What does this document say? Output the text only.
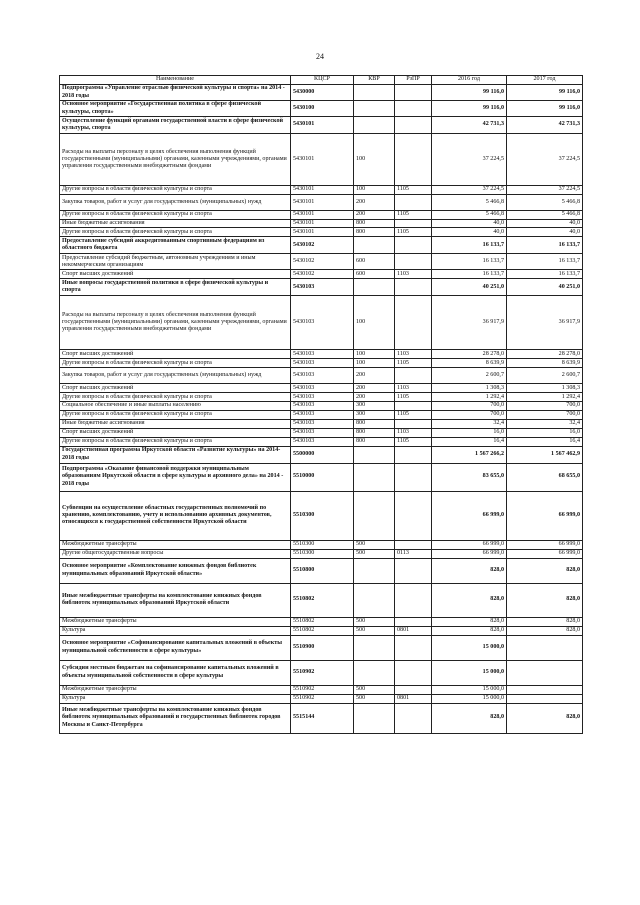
24
Наименование	КЦСР	КВР	РзПР	2016 год	2017 год
Подпрограмма «Управление отраслью физической культуры и спорта» на 2014 - 2018 годы	5430000			99 116,0	99 116,0
Основное мероприятие «Государственная политика в сфере физической культуры, спорта»	5430100			99 116,0	99 116,0
Осуществление функций органами государственной власти в сфере физической культуры, спорта	5430101			42 731,3	42 731,3
Расходы на выплаты персоналу в целях обеспечения выполнения функций государственными (муниципальными) органами, казенными учреждениями, органами управления государственными внебюджетными фондами	5430101	100		37 224,5	37 224,5
Другие вопросы в области физической культуры и спорта	5430101	100	1105	37 224,5	37 224,5
Закупка товаров, работ и услуг для государственных (муниципальных) нужд	5430101	200		5 466,8	5 466,8
Другие вопросы в области физической культуры и спорта	5430101	200	1105	5 466,8	5 466,8
Иные бюджетные ассигнования	5430101	800		40,0	40,0
Другие вопросы в области физической культуры и спорта	5430101	800	1105	40,0	40,0
Предоставление субсидий аккредитованным спортивным федерациям из областного бюджета	5430102			16 133,7	16 133,7
Предоставление субсидий бюджетным, автономным учреждениям и иным некоммерческим организациям	5430102	600		16 133,7	16 133,7
Спорт высших достижений	5430102	600	1103	16 133,7	16 133,7
Иные вопросы государственной политики в сфере физической культуры и спорта	5430103			40 251,0	40 251,0
Расходы на выплаты персоналу в целях обеспечения выполнения функций государственными (муниципальными) органами, казенными учреждениями, органами управления государственными внебюджетными фондами	5430103	100		36 917,9	36 917,9
Спорт высших достижений	5430103	100	1103	28 278,0	28 278,0
Другие вопросы в области физической культуры и спорта	5430103	100	1105	8 639,9	8 639,9
Закупка товаров, работ и услуг для государственных (муниципальных) нужд	5430103	200		2 600,7	2 600,7
Спорт высших достижений	5430103	200	1103	1 308,3	1 308,3
Другие вопросы в области физической культуры и спорта	5430103	200	1105	1 292,4	1 292,4
Социальное обеспечение и иные выплаты населению	5430103	300		700,0	700,0
Другие вопросы в области физической культуры и спорта	5430103	300	1105	700,0	700,0
Иные бюджетные ассигнования	5430103	800		32,4	32,4
Спорт высших достижений	5430103	800	1103	16,0	16,0
Другие вопросы в области физической культуры и спорта	5430103	800	1105	16,4	16,4
Государственная программа Иркутской области «Развитие культуры» на 2014-2018 годы	5500000			1 567 266,2	1 567 462,9
Подпрограмма «Оказание финансовой поддержки муниципальным образованиям Иркутской области в сфере культуры и архивного дела» на 2014 - 2018 годы	5510000			83 655,0	68 655,0
Субвенции на осуществление областных государственных полномочий по хранению, комплектованию, учету и использованию архивных документов, относящихся к государственной собственности Иркутской области	5510300			66 999,0	66 999,0
Межбюджетные трансферты	5510300	500		66 999,0	66 999,0
Другие общегосударственные вопросы	5510300	500	0113	66 999,0	66 999,0
Основное мероприятие «Комплектование книжных фондов библиотек муниципальных образований Иркутской области»	5510800			828,0	828,0
Иные межбюджетные трансферты на комплектование книжных фондов библиотек муниципальных образований Иркутской области	5510802			828,0	828,0
Межбюджетные трансферты	5510802	500		828,0	828,0
Культура	5510802	500	0801	828,0	828,0
Основное мероприятие «Софинансирование капитальных вложений в объекты муниципальной собственности в сфере культуры»	5510900			15 000,0	
Субсидии местным бюджетам на софинансирование капитальных вложений в объекты муниципальной собственности в сфере культуры	5510902			15 000,0	
Межбюджетные трансферты	5510902	500		15 000,0	
Культура	5510902	500	0801	15 000,0	
Иные межбюджетные трансферты на комплектование книжных фондов библиотек муниципальных образований и государственных библиотек городов Москвы и Санкт-Петербурга	5515144			828,0	828,0
